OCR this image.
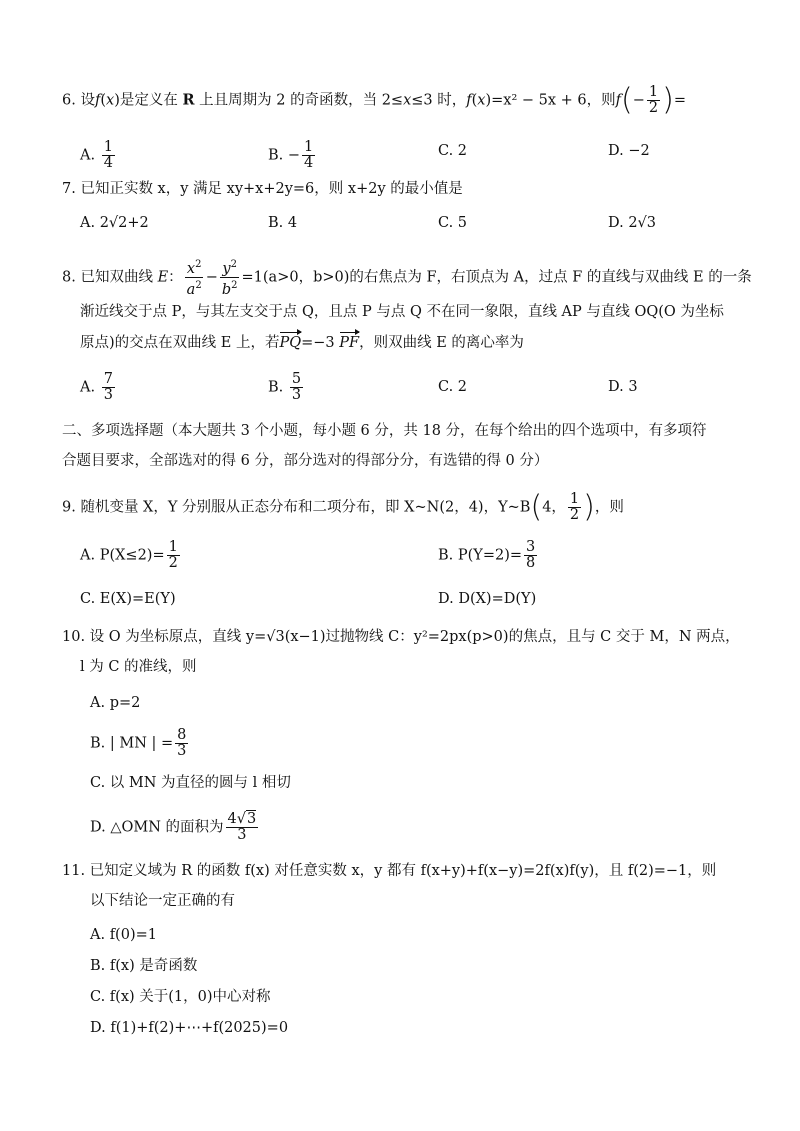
6. 设f(x)是定义在 R 上且周期为 2 的奇函数，当 2≤x≤3 时，f(x)=x² − 5x + 6，则$f(- \frac{1}{2}$ )=
A. $\frac{1}{4}$	B. − $\frac{1}{4}$	C. 2	D. −2
7. 已知正实数 x，y 满足 xy+x+2y=6，则 x+2y 的最小值是
A. 2√2+2	B. 4	C. 5	D. 2√3
8. 已知双曲线 E： $\frac{x^2}{a^2} - \frac{y^2}{b^2} =1(a>0$，b>0)的右焦点为 F，右顶点为 A，过点 F 的直线与双曲线 E 的一条
渐近线交于点 P，与其左支交于点 Q，且点 P 与点 Q 不在同一象限，直线 AP 与直线 OQ(O 为坐标
原点)的交点在双曲线 E 上，若PQ=−3 PF，则双曲线 E 的离心率为
A. $\frac{7}{3}$	B. $\frac{5}{3}$	C. 2	D. 3
二、多项选择题（本大题共 3 个小题，每小题 6 分，共 18 分，在每个给出的四个选项中，有多项符
合题目要求，全部选对的得 6 分，部分选对的得部分分，有选错的得 0 分）
9. 随机变量 X，Y 分别服从正态分布和二项分布，即 X~N(2，4)，Y~B(4， $\frac{1}{2}$ )，则
A. $P(X\le 2)= \frac{1}{2}$	B. $P(Y=2)= \frac{3}{8}$
C. E(X)=E(Y)	D. D(X)=D(Y)
10. 设 O 为坐标原点，直线 y=√3(x−1)过抛物线 C：y²=2px(p>0)的焦点，且与 C 交于 M，N 两点，
l 为 C 的准线，则
A. p=2
B. | MN | = $\frac{8}{3}$
C. 以 MN 为直径的圆与 l 相切
D. △OMN 的面积为 $\frac{4√3}{3}$
11. 已知定义域为 R 的函数 f(x) 对任意实数 x，y 都有 f(x+y)+f(x−y)=2f(x)f(y)，且 f(2)=−1，则
以下结论一定正确的有
A. f(0)=1
B. f(x) 是奇函数
C. f(x) 关于(1，0)中心对称
D. f(1)+f(2)+⋯+f(2025)=0
